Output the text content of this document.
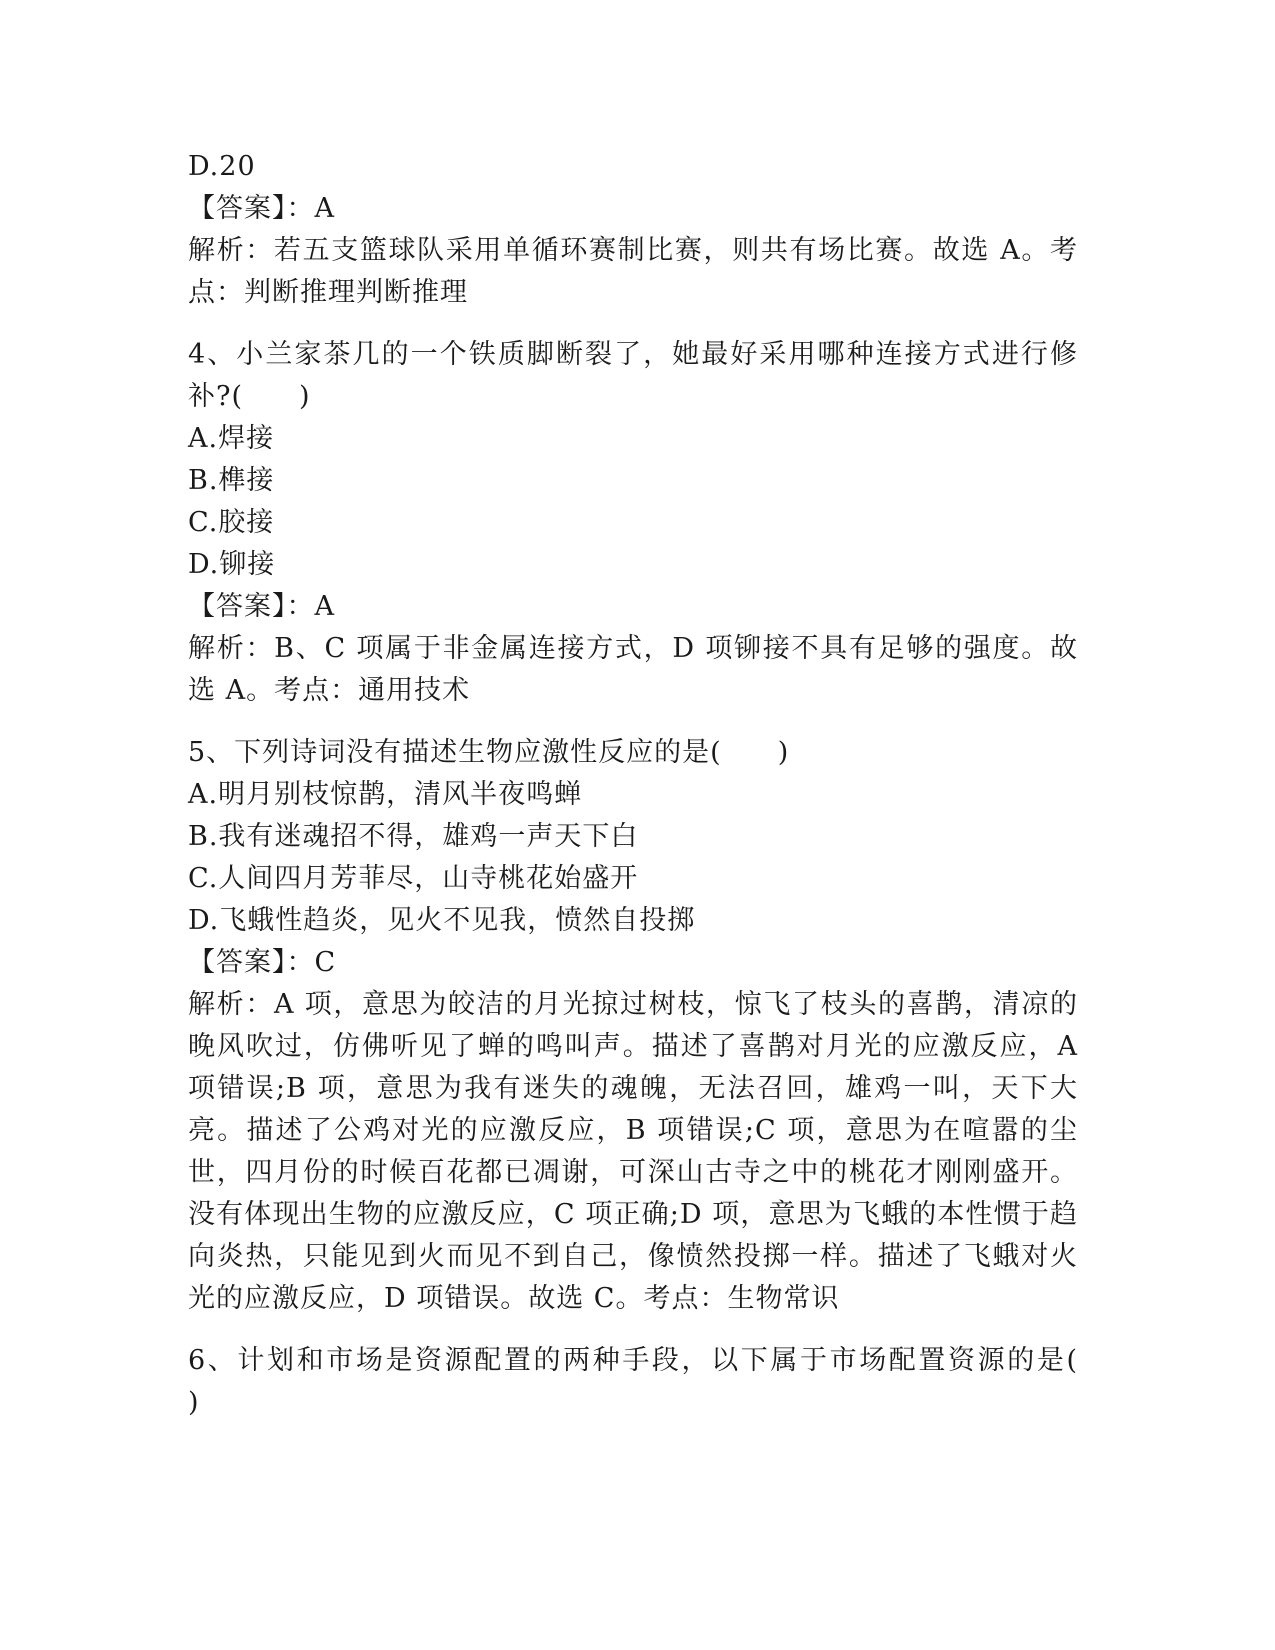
D.20
【答案】：A
解析：若五支篮球队采用单循环赛制比赛，则共有场比赛。故选 A。考点：判断推理判断推理
4、小兰家茶几的一个铁质脚断裂了，她最好采用哪种连接方式进行修补?(　　)
A.焊接
B.榫接
C.胶接
D.铆接
【答案】：A
解析：B、C 项属于非金属连接方式，D 项铆接不具有足够的强度。故选 A。考点：通用技术
5、下列诗词没有描述生物应激性反应的是(　　)
A.明月别枝惊鹊，清风半夜鸣蝉
B.我有迷魂招不得，雄鸡一声天下白
C.人间四月芳菲尽，山寺桃花始盛开
D.飞蛾性趋炎，见火不见我，愤然自投掷
【答案】：C
解析：A 项，意思为皎洁的月光掠过树枝，惊飞了枝头的喜鹊，清凉的晚风吹过，仿佛听见了蝉的鸣叫声。描述了喜鹊对月光的应激反应，A 项错误;B 项，意思为我有迷失的魂魄，无法召回，雄鸡一叫，天下大亮。描述了公鸡对光的应激反应，B 项错误;C 项，意思为在喧嚣的尘世，四月份的时候百花都已凋谢，可深山古寺之中的桃花才刚刚盛开。没有体现出生物的应激反应，C 项正确;D 项，意思为飞蛾的本性惯于趋向炎热，只能见到火而见不到自己，像愤然投掷一样。描述了飞蛾对火光的应激反应，D 项错误。故选 C。考点：生物常识
6、计划和市场是资源配置的两种手段，以下属于市场配置资源的是(　　)
